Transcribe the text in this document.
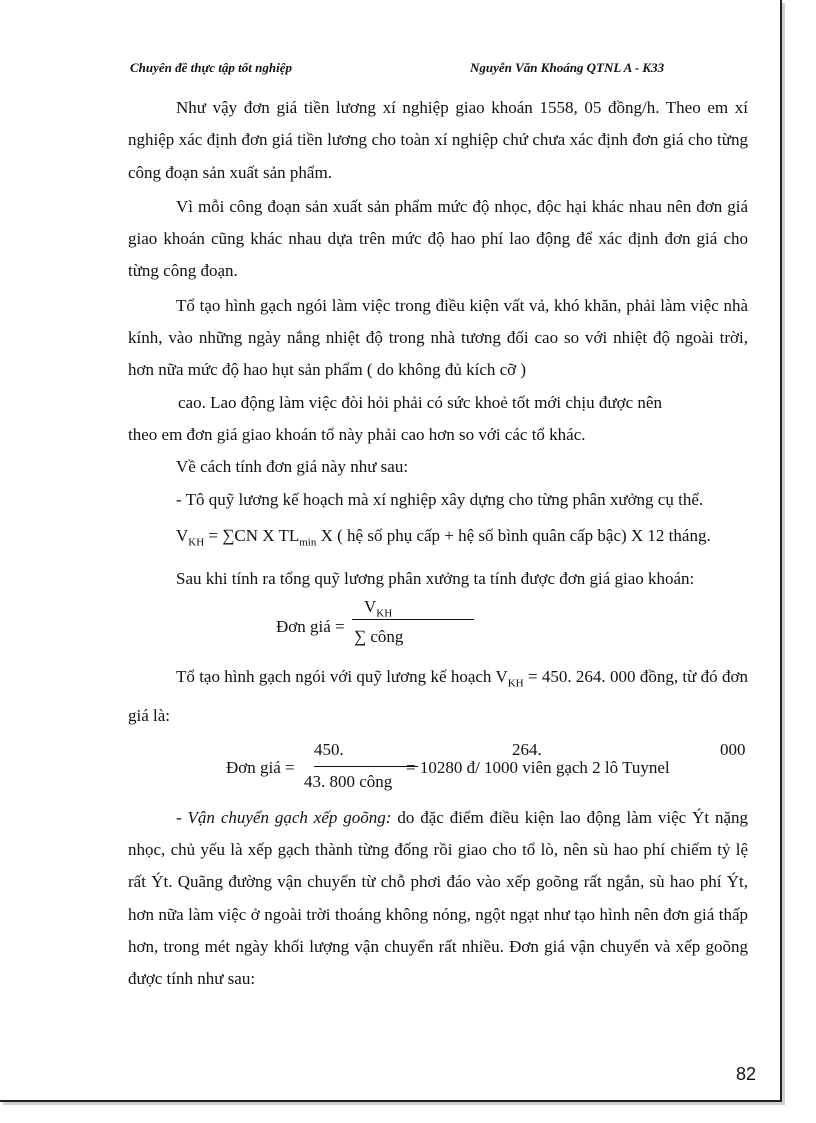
Chuyên đề thực tập tốt nghiệp	Nguyễn Văn Khoáng QTNL A - K33

Như vậy đơn giá tiền lương xí nghiệp giao khoán 1558, 05 đồng/h. Theo em xí nghiệp xác định đơn giá tiền lương cho toàn xí nghiệp chứ chưa xác định đơn giá cho từng công đoạn sản xuất sản phẩm.

Vì mỗi công đoạn sản xuất sản phẩm mức độ nhọc, độc hại khác nhau nên đơn giá giao khoán cũng khác nhau dựa trên mức độ hao phí lao động để xác định đơn giá cho từng công đoạn.

Tổ tạo hình gạch ngói làm việc trong điều kiện vất vả, khó khăn, phải làm việc nhà kính, vào những ngày nắng nhiệt độ trong nhà tương đối cao so với nhiệt độ ngoài trời, hơn nữa mức độ hao hụt sản phẩm ( do không đủ kích cỡ )

cao. Lao động làm việc đòi hỏi phải có sức khoẻ tốt mới chịu được nên

theo em đơn giá giao khoán tổ này phải cao hơn so với các tổ khác.

Về cách tính đơn giá này như sau:

- Tô quỹ lương kế hoạch mà xí nghiệp xây dựng cho từng phân xưởng cụ thể.

$V_{KH} = \sum CN$ X $TL_{min}$ X ( hệ số phụ cấp + hệ số bình quân cấp bậc) X 12 tháng.

Sau khi tính ra tổng quỹ lương phân xưởng ta tính được đơn giá giao khoán:

Đơn giá =
$V_{KH}$
∑ công

Tổ tạo hình gạch ngói với quỹ lương kế hoạch $V_{KH} = 450$. 264. 000 đồng, từ đó đơn giá là:

450.	264.	000
Đơn giá =	= 10280 đ/ 1000 viên gạch 2 lô Tuynel
43. 800 công

- Vận chuyển gạch xếp goõng: do đặc điểm điều kiện lao động làm việc Ýt nặng nhọc, chủ yếu là xếp gạch thành từng đống rồi giao cho tổ lò, nên sù hao phí chiếm tỷ lệ rất Ýt. Quãng đường vận chuyển từ chỗ phơi đáo vào xếp goõng rất ngắn, sù hao phí Ýt, hơn nữa làm việc ở ngoài trời thoáng không nóng, ngột ngạt như tạo hình nên đơn giá thấp hơn, trong mét ngày khối lượng vận chuyển rất nhiều. Đơn giá vận chuyển và xếp goõng được tính như sau:

82
